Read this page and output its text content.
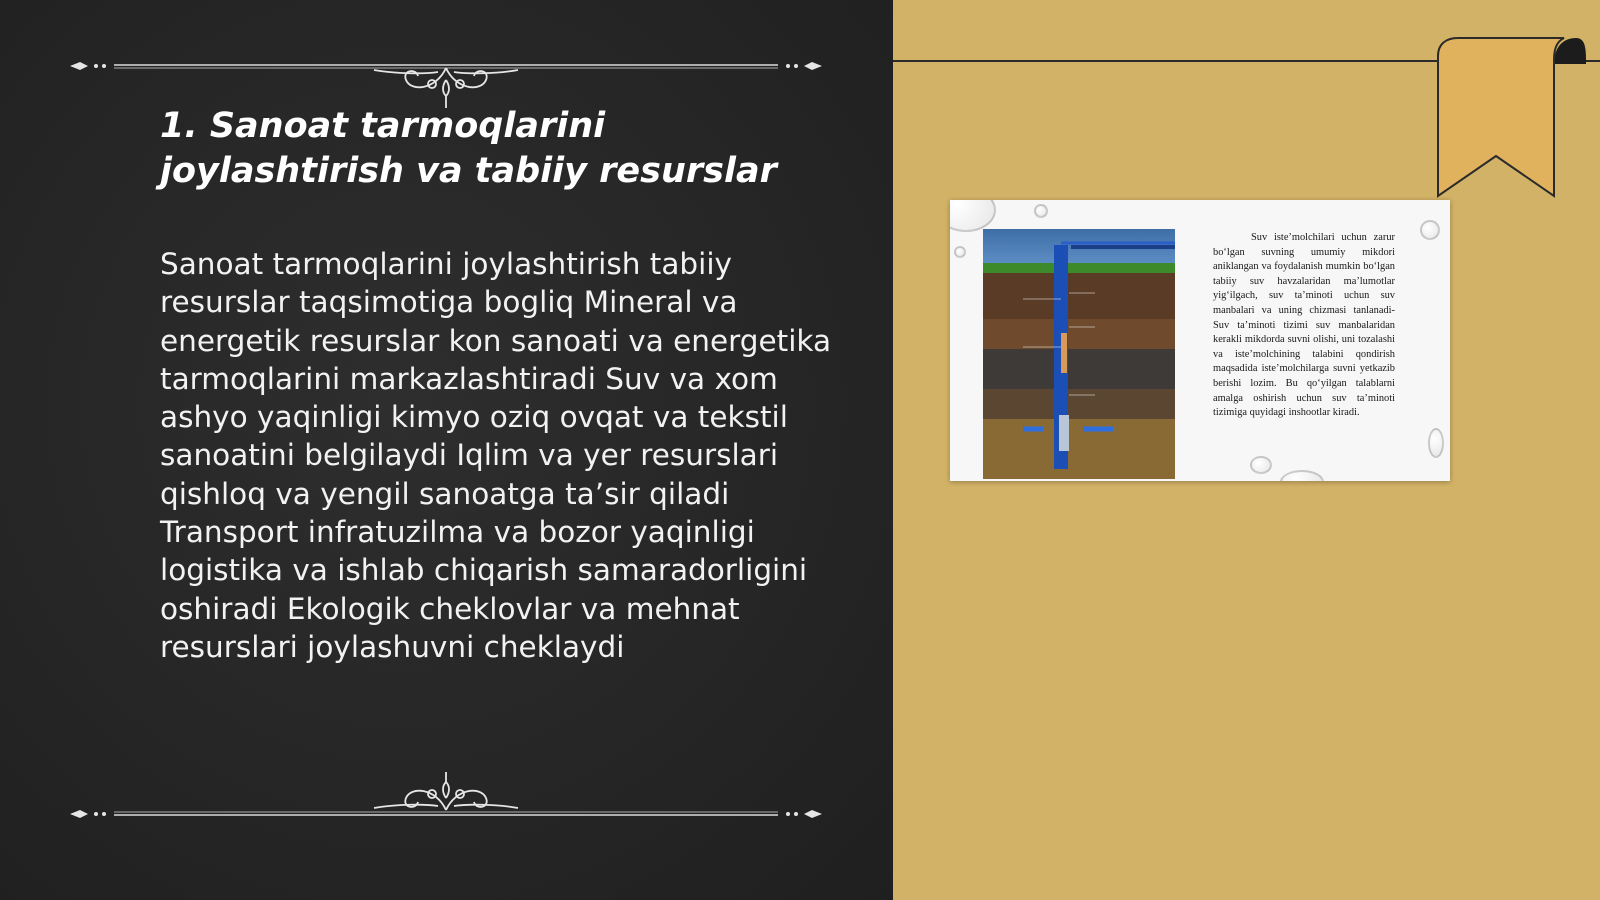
1. Sanoat tarmoqlarini joylashtirish va tabiiy resurslar

Sanoat tarmoqlarini joylashtirish tabiiy resurslar taqsimotiga bogliq Mineral va energetik resurslar kon sanoati va energetika tarmoqlarini markazlashtiradi Suv va xom ashyo yaqinligi kimyo oziq ovqat va tekstil sanoatini belgilaydi Iqlim va yer resurslari qishloq va yengil sanoatga ta’sir qiladi Transport infratuzilma va bozor yaqinligi logistika va ishlab chiqarish samaradorligini oshiradi Ekologik cheklovlar va mehnat resurslari joylashuvni cheklaydi

Suv iste’molchilari uchun zarur bo‘lgan suvning umumiy mikdori aniklangan va foydalanish mumkin bo‘lgan tabiiy suv havzalaridan ma’lumotlar yig‘ilgach, suv ta’minoti uchun suv manbalari va uning chizmasi tanlanadi- Suv ta’minoti tizimi suv manbalaridan kerakli mikdorda suvni olishi, uni tozalashi va iste’molchining talabini qondirish maqsadida iste’molchilarga suvni yetkazib berishi lozim. Bu qo‘yilgan talablarni amalga oshirish uchun suv ta’minoti tizimiga quyidagi inshootlar kiradi.
